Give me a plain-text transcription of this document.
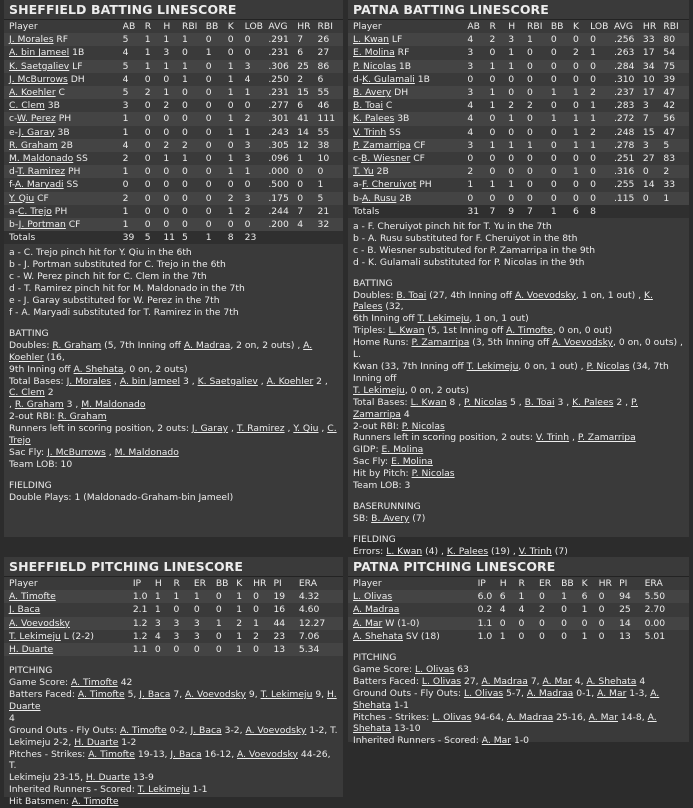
SHEFFIELD BATTING LINESCORE
Player	AB	R	H	RBI	BB	K	LOB	AVG	HR	RBI
J. Morales RF	5	1	1	1	0	0	0	.291	7	26
A. bin Jameel 1B	4	1	3	0	1	0	0	.231	6	27
K. Saetgaliev LF	5	1	1	1	0	1	3	.306	25	86
J. McBurrows DH	4	0	0	1	0	1	4	.250	2	6
A. Koehler C	5	2	1	0	0	1	1	.231	15	55
C. Clem 3B	3	0	2	0	0	0	0	.277	6	46
c-W. Perez PH	1	0	0	0	0	1	2	.301	41	111
e-J. Garay 3B	1	0	0	0	0	1	1	.243	14	55
R. Graham 2B	4	0	2	2	0	0	3	.305	12	38
M. Maldonado SS	2	0	1	1	0	1	3	.096	1	10
d-T. Ramirez PH	1	0	0	0	0	1	1	.000	0	0
f-A. Maryadi SS	0	0	0	0	0	0	0	.500	0	1
Y. Qiu CF	2	0	0	0	0	2	3	.175	0	5
a-C. Trejo PH	1	0	0	0	0	1	2	.244	7	21
b-J. Portman CF	1	0	0	0	0	0	0	.200	4	32
Totals	39	5	11	5	1	8	23			
a - C. Trejo pinch hit for Y. Qiu in the 6th
b - J. Portman substituted for C. Trejo in the 6th
c - W. Perez pinch hit for C. Clem in the 7th
d - T. Ramirez pinch hit for M. Maldonado in the 7th
e - J. Garay substituted for W. Perez in the 7th
f - A. Maryadi substituted for T. Ramirez in the 7th
BATTING
Doubles: R. Graham (5, 7th Inning off A. Madraa, 2 on, 2 outs) , A. Koehler (16,
9th Inning off A. Shehata, 0 on, 2 outs)
Total Bases: J. Morales , A. bin Jameel 3 , K. Saetgaliev , A. Koehler 2 , C. Clem 2
, R. Graham 3 , M. Maldonado
2-out RBI: R. Graham
Runners left in scoring position, 2 outs: J. Garay , T. Ramirez , Y. Qiu , C. Trejo
Sac Fly: J. McBurrows , M. Maldonado
Team LOB: 10
FIELDING
Double Plays: 1 (Maldonado-Graham-bin Jameel)
PATNA BATTING LINESCORE
Player	AB	R	H	RBI	BB	K	LOB	AVG	HR	RBI
L. Kwan LF	4	2	3	1	0	0	0	.256	33	80
E. Molina RF	3	0	1	0	0	2	1	.263	17	54
P. Nicolas 1B	3	1	1	0	0	0	0	.284	34	75
d-K. Gulamali 1B	0	0	0	0	0	0	0	.310	10	39
B. Avery DH	3	1	0	0	1	1	2	.237	17	47
B. Toai C	4	1	2	2	0	0	1	.283	3	42
K. Palees 3B	4	0	1	0	1	1	1	.272	7	56
V. Trinh SS	4	0	0	0	0	1	2	.248	15	47
P. Zamarripa CF	3	1	1	1	0	1	1	.278	3	5
c-B. Wiesner CF	0	0	0	0	0	0	0	.251	27	83
T. Yu 2B	2	0	0	0	0	1	0	.316	0	2
a-F. Cheruiyot PH	1	1	1	0	0	0	0	.255	14	33
b-A. Rusu 2B	0	0	0	0	0	0	0	.115	0	1
Totals	31	7	9	7	1	6	8			
a - F. Cheruiyot pinch hit for T. Yu in the 7th
b - A. Rusu substituted for F. Cheruiyot in the 8th
c - B. Wiesner substituted for P. Zamarripa in the 9th
d - K. Gulamali substituted for P. Nicolas in the 9th
BATTING
Doubles: B. Toai (27, 4th Inning off A. Voevodsky, 1 on, 1 out) , K. Palees (32,
6th Inning off T. Lekimeju, 1 on, 1 out)
Triples: L. Kwan (5, 1st Inning off A. Timofte, 0 on, 0 out)
Home Runs: P. Zamarripa (3, 5th Inning off A. Voevodsky, 0 on, 0 outs) , L.
Kwan (33, 7th Inning off T. Lekimeju, 0 on, 1 out) , P. Nicolas (34, 7th Inning off
T. Lekimeju, 0 on, 2 outs)
Total Bases: L. Kwan 8 , P. Nicolas 5 , B. Toai 3 , K. Palees 2 , P. Zamarripa 4
2-out RBI: P. Nicolas
Runners left in scoring position, 2 outs: V. Trinh , P. Zamarripa
GIDP: E. Molina
Sac Fly: E. Molina
Hit by Pitch: P. Nicolas
Team LOB: 3
BASERUNNING
SB: B. Avery (7)
FIELDING
Errors: L. Kwan (4) , K. Palees (19) , V. Trinh (7)
SHEFFIELD PITCHING LINESCORE
Player	IP	H	R	ER	BB	K	HR	PI	ERA
A. Timofte	1.0	1	1	1	0	1	0	19	4.32
J. Baca	2.1	1	0	0	0	1	0	16	4.60
A. Voevodsky	1.2	3	3	3	1	2	1	44	12.27
T. Lekimeju L (2-2)	1.2	4	3	3	0	1	2	23	7.06
H. Duarte	1.1	0	0	0	0	1	0	13	5.34
PITCHING
Game Score: A. Timofte 42
Batters Faced: A. Timofte 5, J. Baca 7, A. Voevodsky 9, T. Lekimeju 9, H. Duarte
4
Ground Outs - Fly Outs: A. Timofte 0-2, J. Baca 3-2, A. Voevodsky 1-2, T.
Lekimeju 2-2, H. Duarte 1-2
Pitches - Strikes: A. Timofte 19-13, J. Baca 16-12, A. Voevodsky 44-26, T.
Lekimeju 23-15, H. Duarte 13-9
Inherited Runners - Scored: T. Lekimeju 1-1
Hit Batsmen: A. Timofte
PATNA PITCHING LINESCORE
Player	IP	H	R	ER	BB	K	HR	PI	ERA
L. Olivas	6.0	6	1	0	1	6	0	94	5.50
A. Madraa	0.2	4	4	2	0	1	0	25	2.70
A. Mar W (1-0)	1.1	0	0	0	0	0	0	14	0.00
A. Shehata SV (18)	1.0	1	0	0	0	1	0	13	5.01
PITCHING
Game Score: L. Olivas 63
Batters Faced: L. Olivas 27, A. Madraa 7, A. Mar 4, A. Shehata 4
Ground Outs - Fly Outs: L. Olivas 5-7, A. Madraa 0-1, A. Mar 1-3, A. Shehata 1-1
Pitches - Strikes: L. Olivas 94-64, A. Madraa 25-16, A. Mar 14-8, A. Shehata 13-10
Inherited Runners - Scored: A. Mar 1-0
